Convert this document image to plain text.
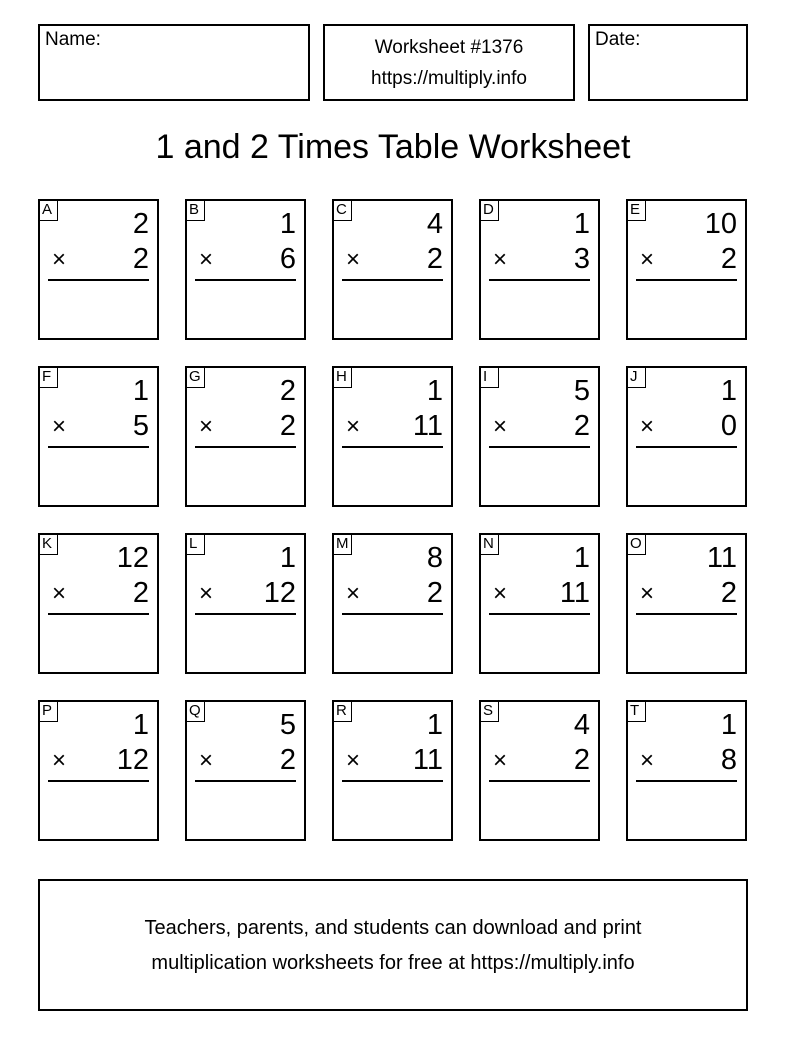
Name:	Worksheet #1376
https://multiply.info
Date:
1 and 2 Times Table Worksheet
A	2
× 2
B	1
× 6
C	4
× 2
D	1
× 3
E 10
× 2
F	1
× 5
G	2
× 2
H	1
× 11
I	5
× 2
J	1
× 0
K 12
× 2
L	1
× 12
M	8
× 2
N	1
× 11
O 11
× 2
P	1
× 12
Q	5
× 2
R	1
× 11
S	4
× 2
T	1
× 8
Teachers, parents, and students can download and print
multiplication worksheets for free at https://multiply.info
